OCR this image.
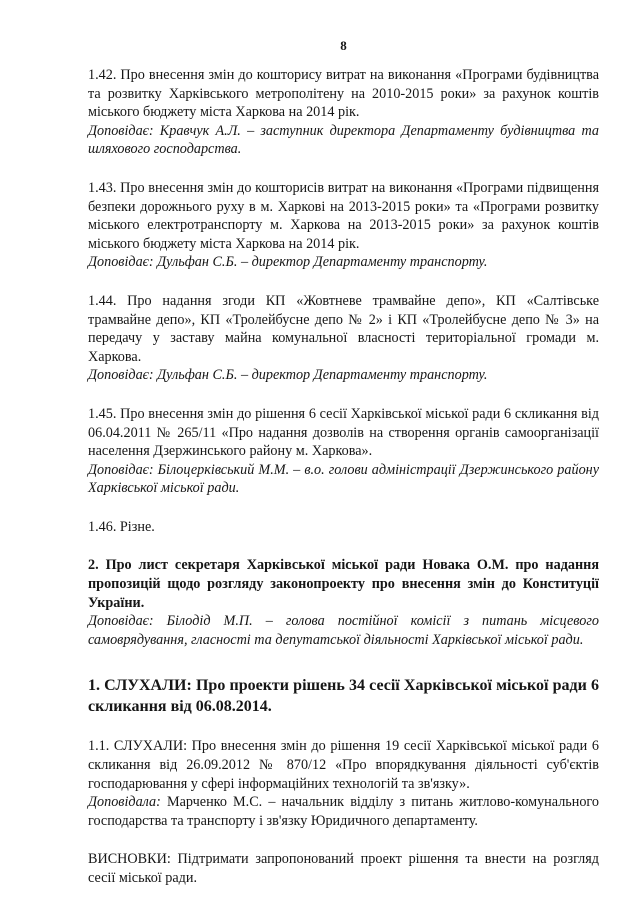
8

1.42. Про внесення змін до кошторису витрат на виконання «Програми будівництва та розвитку Харківського метрополітену на 2010-2015 роки» за рахунок коштів міського бюджету міста Харкова на 2014 рік.

Доповідає: Кравчук А.Л. – заступник директора Департаменту будівництва та шляхового господарства.

1.43. Про внесення змін до кошторисів витрат на виконання «Програми підвищення безпеки дорожнього руху в м. Харкові на 2013-2015 роки» та «Програми розвитку міського електротранспорту м. Харкова на 2013-2015 роки» за рахунок коштів міського бюджету міста Харкова на 2014 рік.

Доповідає: Дульфан С.Б. – директор Департаменту транспорту.

1.44. Про надання згоди КП «Жовтневе трамвайне депо», КП «Салтівське трамвайне депо», КП «Тролейбусне депо № 2» і КП «Тролейбусне депо № 3» на передачу у заставу майна комунальної власності територіальної громади м. Харкова.

Доповідає: Дульфан С.Б. – директор Департаменту транспорту.

1.45. Про внесення змін до рішення 6 сесії Харківської міської ради 6 скликання від 06.04.2011 № 265/11 «Про надання дозволів на створення органів самоорганізації населення Дзержинського району м. Харкова».

Доповідає: Білоцерківський М.М. – в.о. голови адміністрації Дзержинського району Харківської міської ради.

1.46. Різне.

2. Про лист секретаря Харківської міської ради Новака О.М. про надання пропозицій щодо розгляду законопроекту про внесення змін до Конституції України.

Доповідає: Білодід М.П. – голова постійної комісії з питань місцевого самоврядування, гласності та депутатської діяльності Харківської міської ради.

1. СЛУХАЛИ: Про проекти рішень 34 сесії Харківської міської ради 6 скликання від 06.08.2014.

1.1. СЛУХАЛИ: Про внесення змін до рішення 19 сесії Харківської міської ради 6 скликання від 26.09.2012 № 870/12 «Про впорядкування діяльності суб'єктів господарювання у сфері інформаційних технологій та зв'язку».

Доповідала: Марченко М.С. – начальник відділу з питань житлово-комунального господарства та транспорту і зв'язку Юридичного департаменту.

ВИСНОВКИ: Підтримати запропонований проект рішення та внести на розгляд сесії міської ради.
